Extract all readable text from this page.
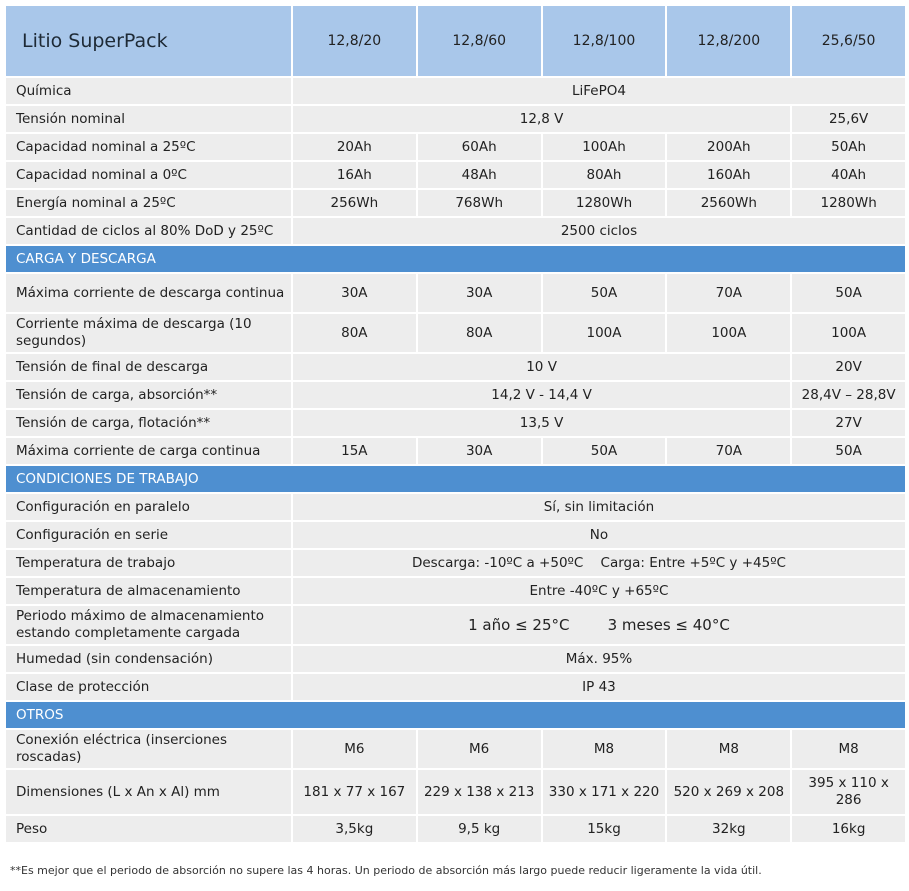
Litio SuperPack	12,8/20	12,8/60	12,8/100	12,8/200	25,6/50
Química	LiFePO4				
Tensión nominal	12,8 V				25,6V
Capacidad nominal a 25ºC	20Ah	60Ah	100Ah	200Ah	50Ah
Capacidad nominal a 0ºC	16Ah	48Ah	80Ah	160Ah	40Ah
Energía nominal a 25ºC	256Wh	768Wh	1280Wh	2560Wh	1280Wh
Cantidad de ciclos al 80% DoD y 25ºC	2500 ciclos				
CARGA Y DESCARGA					
Máxima corriente de descarga continua	30A	30A	50A	70A	50A
Corriente máxima de descarga (10 segundos)	80A	80A	100A	100A	100A
Tensión de final de descarga	10 V				20V
Tensión de carga, absorción**	14,2 V - 14,4 V				28,4V – 28,8V
Tensión de carga, flotación**	13,5 V				27V
Máxima corriente de carga continua	15A	30A	50A	70A	50A
CONDICIONES DE TRABAJO					
Configuración en paralelo	Sí, sin limitación				
Configuración en serie	No				
Temperatura de trabajo	Descarga: -10ºC a +50ºC Carga: Entre +5ºC y +45ºC				
Temperatura de almacenamiento	Entre -40ºC y +65ºC				
Periodo máximo de almacenamiento estando completamente cargada	1 año ≤ 25°C 3 meses ≤ 40°C				
Humedad (sin condensación)	Máx. 95%				
Clase de protección	IP 43				
OTROS					
Conexión eléctrica (inserciones roscadas)	M6	M6	M8	M8	M8
Dimensiones (L x An x Al) mm	181 x 77 x 167	229 x 138 x 213	330 x 171 x 220	520 x 269 x 208	395 x 110 x 286
Peso	3,5kg	9,5 kg	15kg	32kg	16kg
**Es mejor que el periodo de absorción no supere las 4 horas. Un periodo de absorción más largo puede reducir ligeramente la vida útil.
